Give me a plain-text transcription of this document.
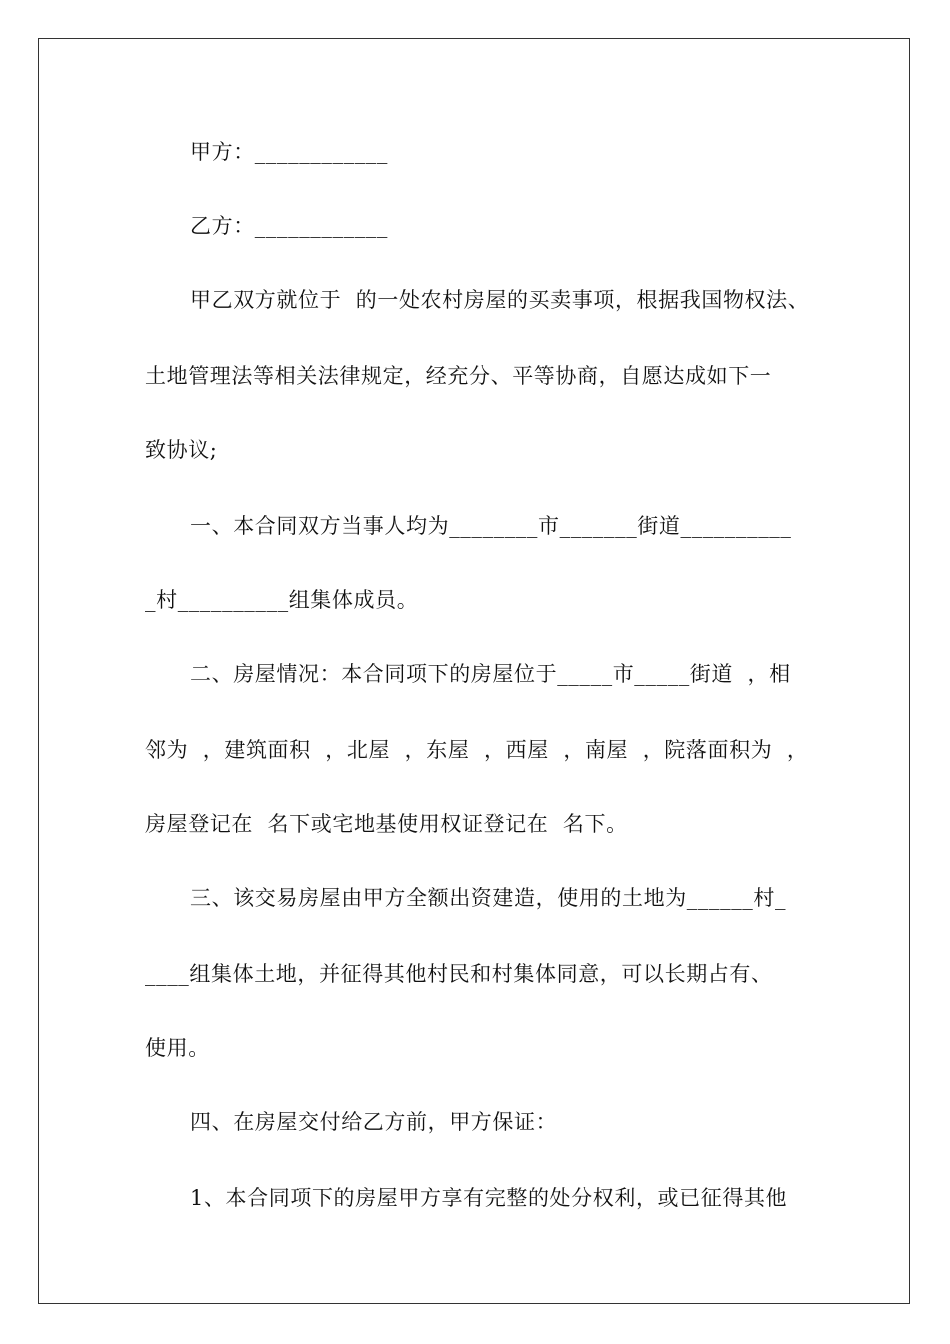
甲方：____________
乙方：____________
甲乙双方就位于  的一处农村房屋的买卖事项，根据我国物权法、
土地管理法等相关法律规定，经充分、平等协商，自愿达成如下一
致协议;
一、本合同双方当事人均为________市_______街道__________
_村__________组集体成员。
二、房屋情况：本合同项下的房屋位于_____市_____街道  ，相
邻为  ，建筑面积  ，北屋  ，东屋  ，西屋  ，南屋  ，院落面积为  ，
房屋登记在  名下或宅地基使用权证登记在  名下。
三、该交易房屋由甲方全额出资建造，使用的土地为______村_
____组集体土地，并征得其他村民和村集体同意，可以长期占有、
使用。
四、在房屋交付给乙方前，甲方保证：
1、本合同项下的房屋甲方享有完整的处分权利，或已征得其他
